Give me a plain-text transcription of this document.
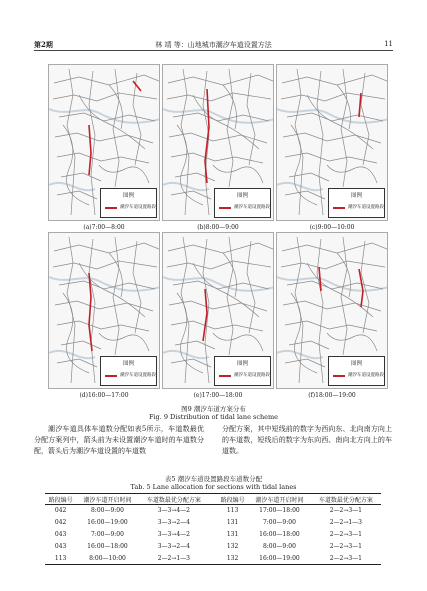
第2期	林 靖 等：山地城市潮汐车道设置方法	11
图例
潮汐车道设置路段
(a)7:00—8:00
图例
潮汐车道设置路段
(b)8:00—9:00
图例
潮汐车道设置路段
(c)9:00—10:00
图例
潮汐车道设置路段
(d)16:00—17:00
图例
潮汐车道设置路段
(e)17:00—18:00
图例
潮汐车道设置路段
(f)18:00—19:00
图9 潮汐车道方案分布
Fig. 9 Distribution of tidal lane scheme
潮汐车道具体车道数分配如表5所示，车道数最优分配方案列中，箭头前为未设置潮汐车道时的车道数分配，箭头后为潮汐车道设置的车道数
分配方案，其中短线前的数字为西向东、北向南方向上的车道数，短线后的数字为东向西、南向北方向上的车道数。
表5 潮汐车道设置路段车道数分配
Tab. 5 Lane allocation for sections with tidal lanes
路段编号	潮汐车道开启时间	车道数最优分配方案		路段编号	潮汐车道开启时间	车道数最优分配方案
042	8:00—9:00	3—3→4—2		113	17:00—18:00	2—2→3—1
042	16:00—19:00	3—3→2—4		131	7:00—9:00	2—2→1—3
043	7:00—9:00	3—3→4—2		131	16:00—18:00	2—2→3—1
043	16:00—18:00	3—3→2—4		132	8:00—9:00	2—2→3—1
113	8:00—10:00	2—2→1—3		132	16:00—19:00	2—2→3—1
